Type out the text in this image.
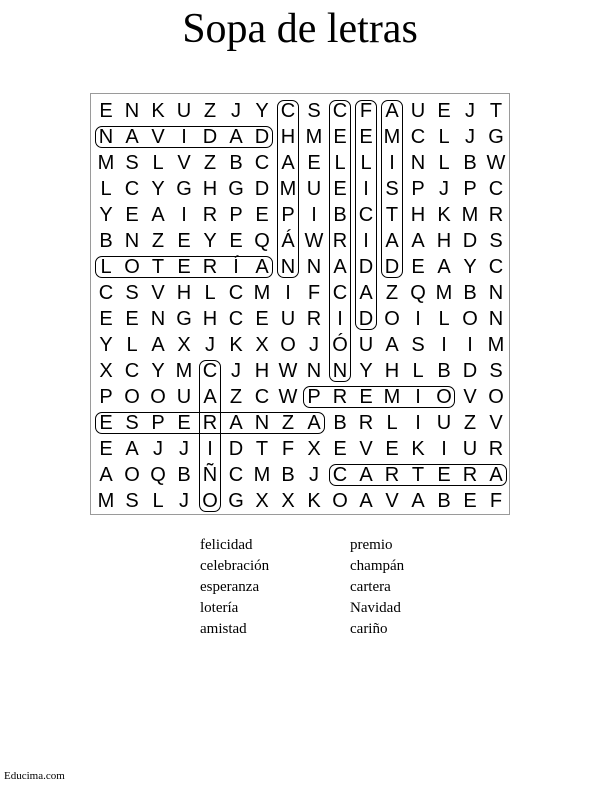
Sopa de letras
E N K U Z J Y C S C F A U E J T
N A V I D A D H M E E M C L J G
M S L V Z B C A E L L I N L B W
L C Y G H G D M U E I S P J P C
Y E A I R P E P I B C T H K M R
B N Z E Y E Q Á W R I A A H D S
L O T E R Í A N N A D D E A Y C
C S V H L C M I F C A Z Q M B N
E E N G H C E U R I D O I L O N
Y L A X J K X O J Ó U A S I	I M
X C Y M C J H W N N Y H L B D S
P O O U A Z C W P R E M I O V O
E S P E R A N Z A B R L I U Z V
E A J J I D T F X E V E K I U R
A O Q B Ñ C M B J C A R T E R A
M S L J O G X X K O A V A B E F
felicidad
celebración
esperanza
lotería
amistad
premio
champán
cartera
Navidad
cariño
Educima.com
